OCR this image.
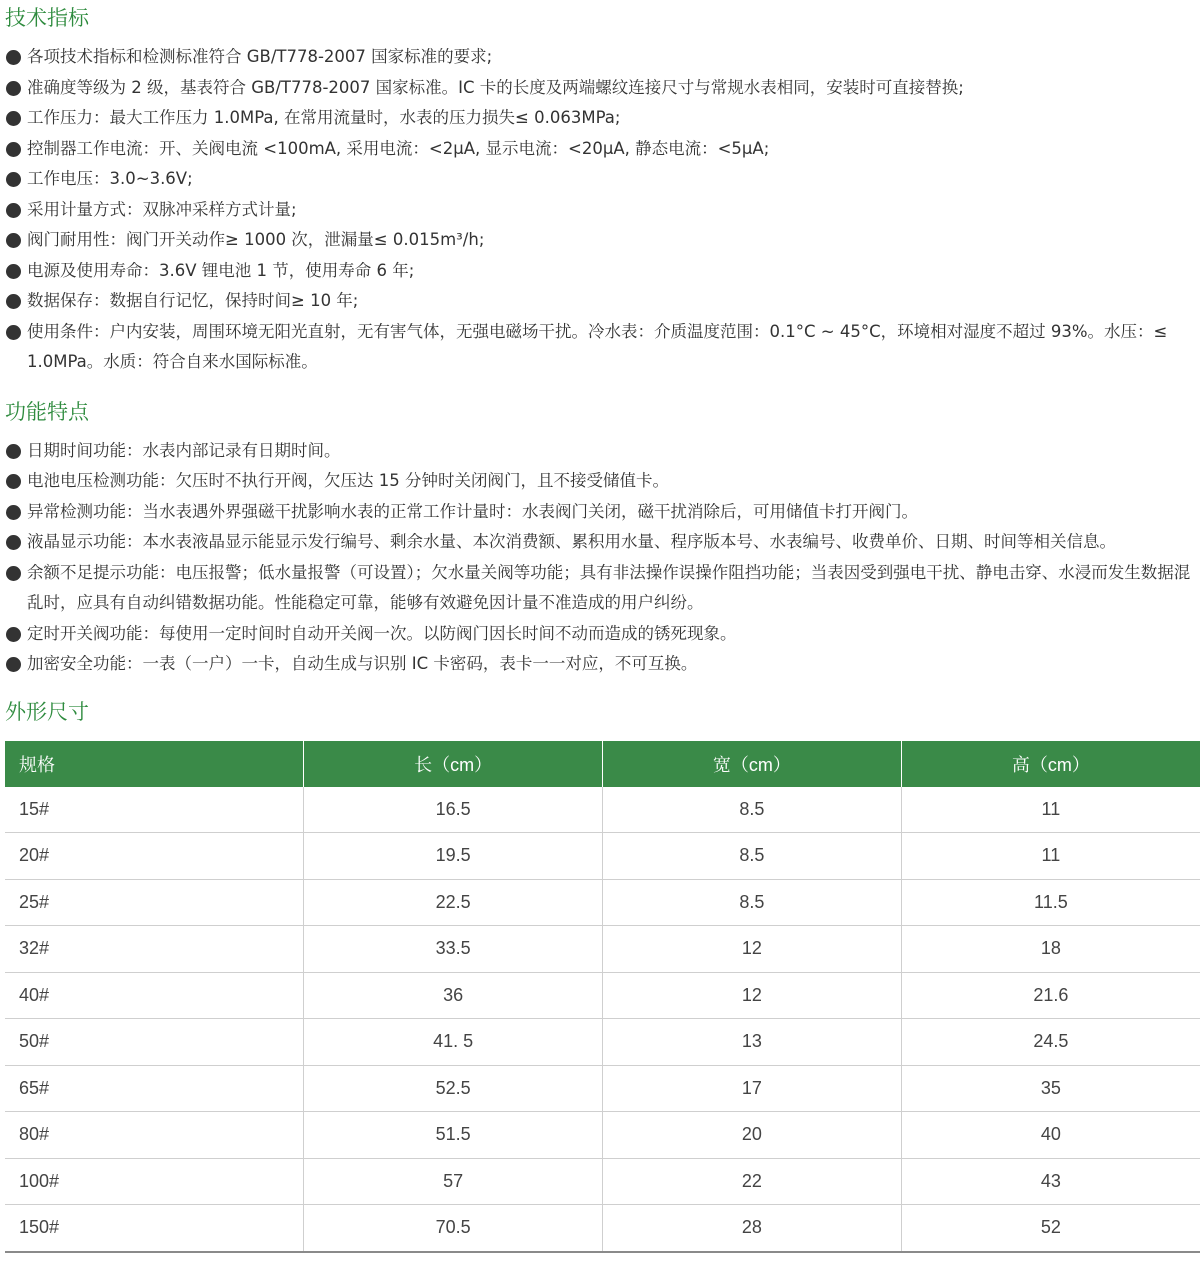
技术指标
各项技术指标和检测标准符合 GB/T778-2007 国家标准的要求;
准确度等级为 2 级，基表符合 GB/T778-2007 国家标准。IC 卡的长度及两端螺纹连接尺寸与常规水表相同，安装时可直接替换;
工作压力：最大工作压力 1.0MPa, 在常用流量时，水表的压力损失≤ 0.063MPa;
控制器工作电流：开、关阀电流 <100mA, 采用电流：<2μA, 显示电流：<20μA, 静态电流：<5μA;
工作电压：3.0~3.6V;
采用计量方式：双脉冲采样方式计量;
阀门耐用性：阀门开关动作≥ 1000 次，泄漏量≤ 0.015m³/h;
电源及使用寿命：3.6V 锂电池 1 节，使用寿命 6 年;
数据保存：数据自行记忆，保持时间≥ 10 年;
使用条件：户内安装，周围环境无阳光直射，无有害气体，无强电磁场干扰。冷水表：介质温度范围：0.1°C ~ 45°C，环境相对湿度不超过 93%。水压：≤ 1.0MPa。水质：符合自来水国际标准。
功能特点
日期时间功能：水表内部记录有日期时间。
电池电压检测功能：欠压时不执行开阀，欠压达 15 分钟时关闭阀门，且不接受储值卡。
异常检测功能：当水表遇外界强磁干扰影响水表的正常工作计量时：水表阀门关闭，磁干扰消除后，可用储值卡打开阀门。
液晶显示功能：本水表液晶显示能显示发行编号、剩余水量、本次消费额、累积用水量、程序版本号、水表编号、收费单价、日期、时间等相关信息。
余额不足提示功能：电压报警；低水量报警（可设置）；欠水量关阀等功能；具有非法操作误操作阻挡功能；当表因受到强电干扰、静电击穿、水浸而发生数据混乱时，应具有自动纠错数据功能。性能稳定可靠，能够有效避免因计量不准造成的用户纠纷。
定时开关阀功能：每使用一定时间时自动开关阀一次。以防阀门因长时间不动而造成的锈死现象。
加密安全功能：一表（一户）一卡，自动生成与识别 IC 卡密码，表卡一一对应，不可互换。
外形尺寸
规格	长（cm）	宽（cm）	高（cm）
15#	16.5	8.5	11
20#	19.5	8.5	11
25#	22.5	8.5	11.5
32#	33.5	12	18
40#	36	12	21.6
50#	41. 5	13	24.5
65#	52.5	17	35
80#	51.5	20	40
100#	57	22	43
150#	70.5	28	52
